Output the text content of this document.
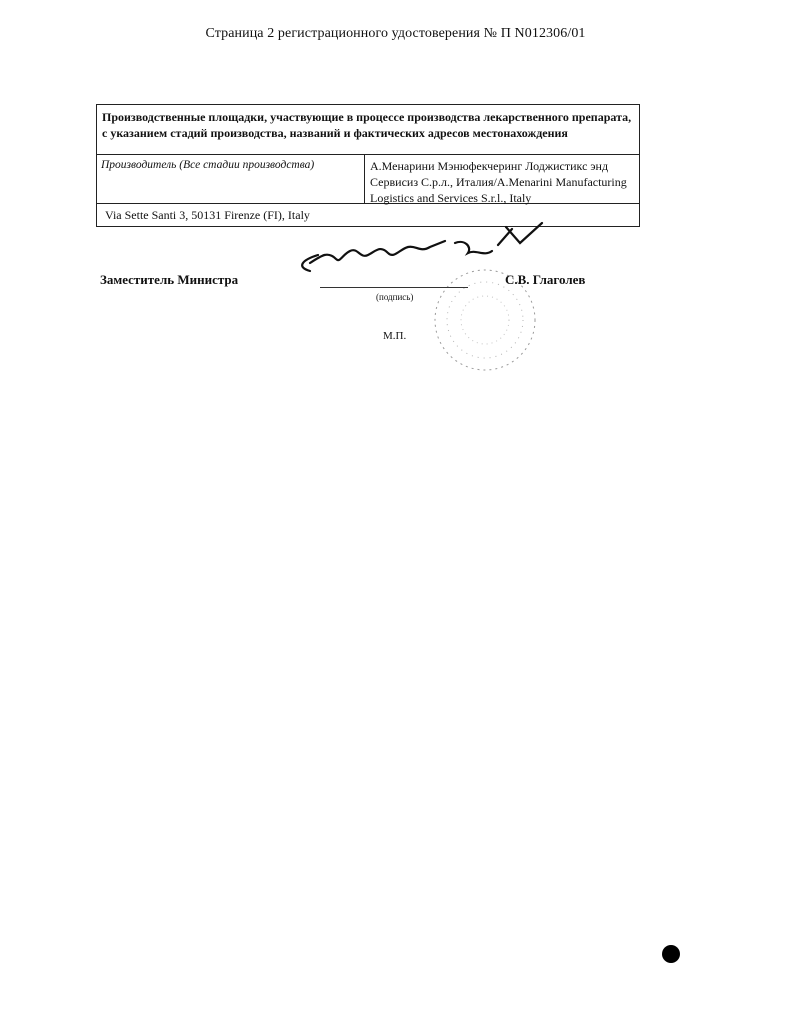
Страница 2 регистрационного удостоверения № П N012306/01
Производственные площадки, участвующие в процессе производства лекарственного препарата, с указанием стадий производства, названий и фактических адресов местонахождения
Производитель (Все стадии производства)	А.Менарини Мэнюфекчеринг Лоджистикс энд Сервисиз С.р.л., Италия/A.Menarini Manufacturing Logistics and Services S.r.l., Italy
Via Sette Santi 3, 50131 Firenze (FI), Italy
Заместитель Министра
(подпись)
С.В. Глаголев
М.П.
